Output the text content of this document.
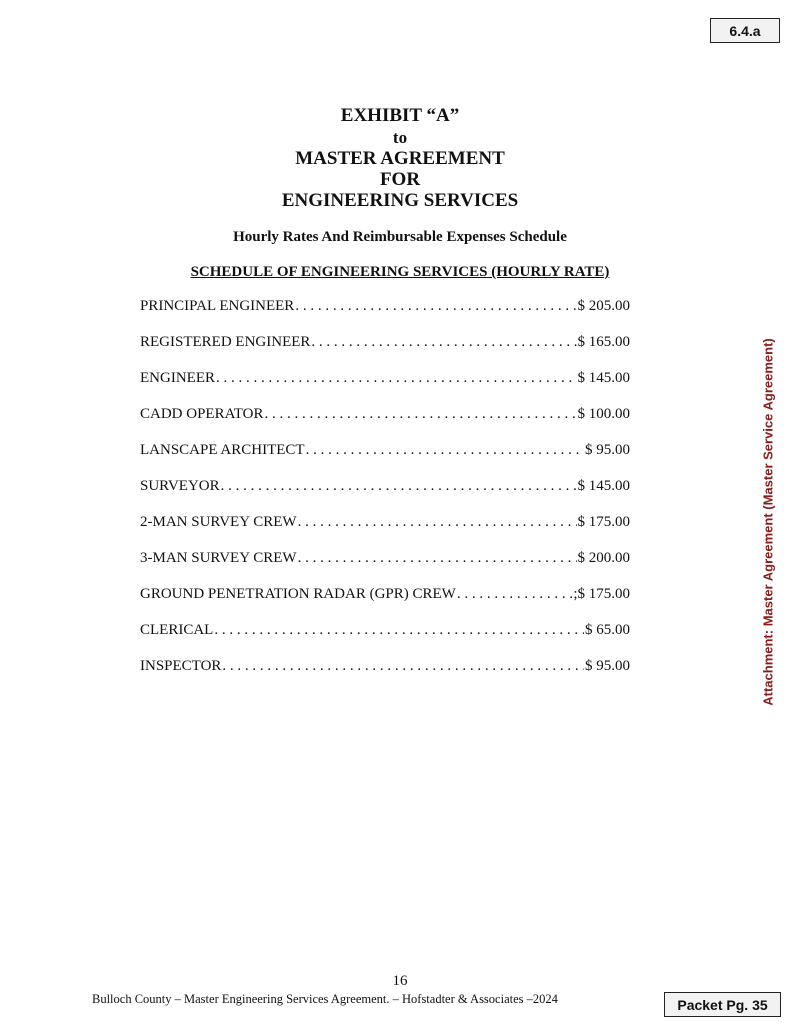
6.4.a
Attachment: Master Agreement (Master Service Agreement)
EXHIBIT “A”
to
MASTER AGREEMENT
FOR
ENGINEERING SERVICES
Hourly Rates And Reimbursable Expenses Schedule
SCHEDULE OF ENGINEERING SERVICES (HOURLY RATE)
PRINCIPAL ENGINEER . . .	$ 205.00
REGISTERED ENGINEER . . .	.$ 165.00
ENGINEER . . .	$ 145.00
CADD OPERATOR . . .	$ 100.00
LANSCAPE ARCHITECT . . .	$ 95.00
SURVEYOR . . .	$ 145.00
2-MAN SURVEY CREW . . .	$ 175.00
3-MAN SURVEY CREW . . .	$ 200.00
GROUND PENETRATION RADAR (GPR) CREW . . .	;$ 175.00
CLERICAL . . .	$ 65.00
INSPECTOR . . .	$ 95.00
16
Bulloch County – Master Engineering Services Agreement. – Hofstadter & Associates –2024	Packet Pg. 35
